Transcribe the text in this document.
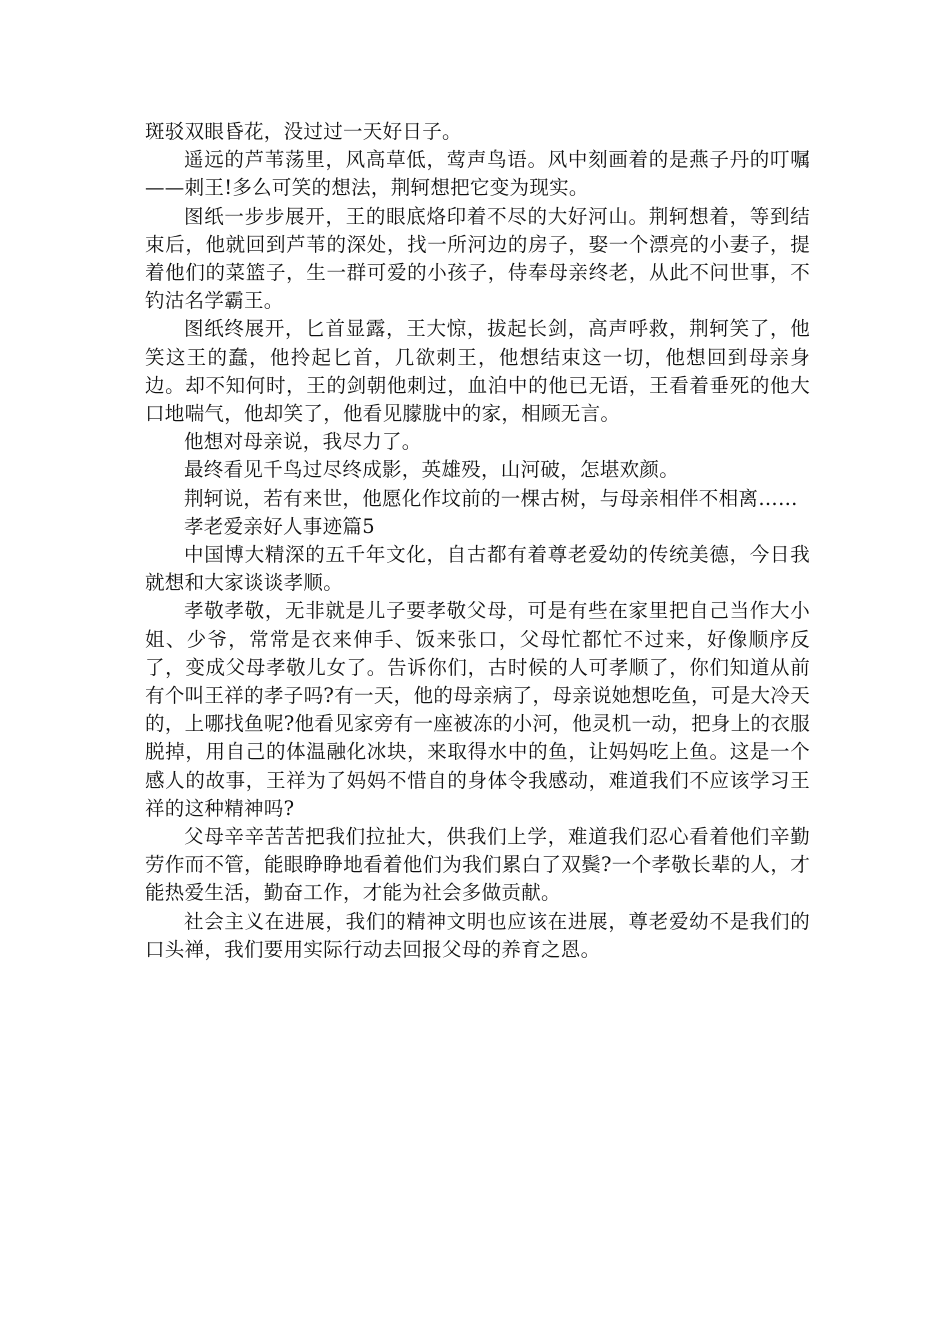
斑驳双眼昏花，没过过一天好日子。

遥远的芦苇荡里，风高草低，莺声鸟语。风中刻画着的是燕子丹的叮嘱——刺王!多么可笑的想法，荆轲想把它变为现实。

图纸一步步展开，王的眼底烙印着不尽的大好河山。荆轲想着，等到结束后，他就回到芦苇的深处，找一所河边的房子，娶一个漂亮的小妻子，提着他们的菜篮子，生一群可爱的小孩子，侍奉母亲终老，从此不问世事，不钓沽名学霸王。

图纸终展开，匕首显露，王大惊，拔起长剑，高声呼救，荆轲笑了，他笑这王的蠢，他拎起匕首，几欲刺王，他想结束这一切，他想回到母亲身边。却不知何时，王的剑朝他刺过，血泊中的他已无语，王看着垂死的他大口地喘气，他却笑了，他看见朦胧中的家，相顾无言。

他想对母亲说，我尽力了。

最终看见千鸟过尽终成影，英雄殁，山河破，怎堪欢颜。

荆轲说，若有来世，他愿化作坟前的一棵古树，与母亲相伴不相离……

孝老爱亲好人事迹篇5

中国博大精深的五千年文化，自古都有着尊老爱幼的传统美德，今日我就想和大家谈谈孝顺。

孝敬孝敬，无非就是儿子要孝敬父母，可是有些在家里把自己当作大小姐、少爷，常常是衣来伸手、饭来张口，父母忙都忙不过来，好像顺序反了，变成父母孝敬儿女了。告诉你们，古时候的人可孝顺了，你们知道从前有个叫王祥的孝子吗?有一天，他的母亲病了，母亲说她想吃鱼，可是大冷天的，上哪找鱼呢?他看见家旁有一座被冻的小河，他灵机一动，把身上的衣服脱掉，用自己的体温融化冰块，来取得水中的鱼，让妈妈吃上鱼。这是一个感人的故事，王祥为了妈妈不惜自的身体令我感动，难道我们不应该学习王祥的这种精神吗?

父母辛辛苦苦把我们拉扯大，供我们上学，难道我们忍心看着他们辛勤劳作而不管，能眼睁睁地看着他们为我们累白了双鬓?一个孝敬长辈的人，才能热爱生活，勤奋工作，才能为社会多做贡献。

社会主义在进展，我们的精神文明也应该在进展，尊老爱幼不是我们的口头禅，我们要用实际行动去回报父母的养育之恩。
